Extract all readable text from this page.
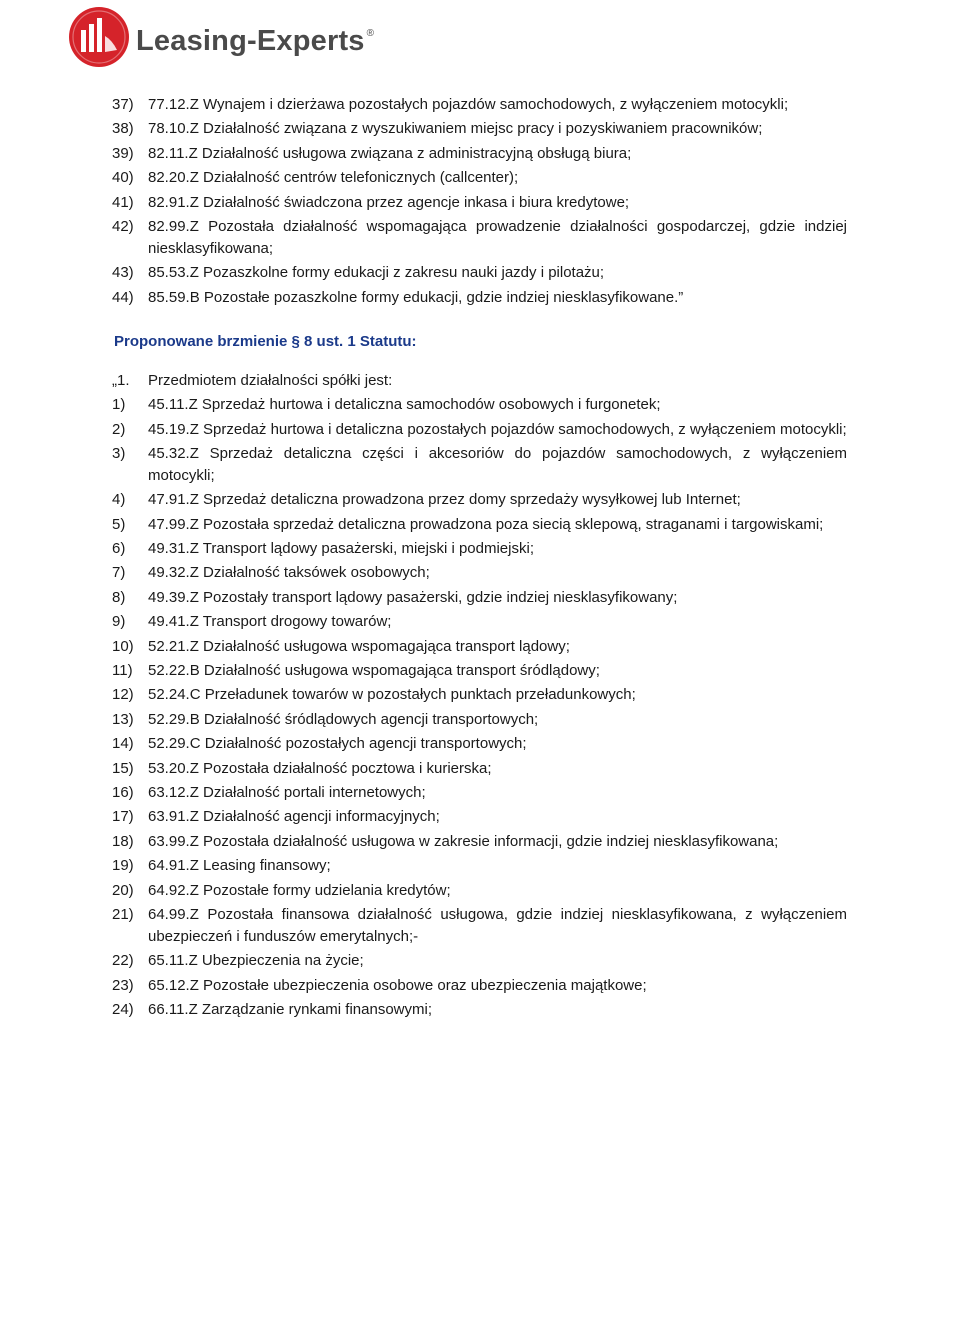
Leasing-Experts ®
37) 77.12.Z Wynajem i dzierżawa pozostałych pojazdów samochodowych, z wyłączeniem motocykli;
38) 78.10.Z Działalność związana z wyszukiwaniem miejsc pracy i pozyskiwaniem pracowników;
39) 82.11.Z Działalność usługowa związana z administracyjną obsługą biura;
40) 82.20.Z Działalność centrów telefonicznych (callcenter);
41) 82.91.Z Działalność świadczona przez agencje inkasa i biura kredytowe;
42) 82.99.Z Pozostała działalność wspomagająca prowadzenie działalności gospodarczej, gdzie indziej niesklasyfikowana;
43) 85.53.Z Pozaszkolne formy edukacji z zakresu nauki jazdy i pilotażu;
44) 85.59.B Pozostałe pozaszkolne formy edukacji, gdzie indziej niesklasyfikowane.”
Proponowane brzmienie § 8 ust. 1 Statutu:
„1.	Przedmiotem działalności spółki jest:
1)	45.11.Z Sprzedaż hurtowa i detaliczna samochodów osobowych i furgonetek;
2)	45.19.Z Sprzedaż hurtowa i detaliczna pozostałych pojazdów samochodowych, z wyłączeniem motocykli;
3)	45.32.Z Sprzedaż detaliczna części i akcesoriów do pojazdów samochodowych, z wyłączeniem motocykli;
4)	47.91.Z Sprzedaż detaliczna prowadzona przez domy sprzedaży wysyłkowej lub Internet;
5)	47.99.Z Pozostała sprzedaż detaliczna prowadzona poza siecią sklepową, straganami i targowiskami;
6)	49.31.Z Transport lądowy pasażerski, miejski i podmiejski;
7)	49.32.Z Działalność taksówek osobowych;
8)	49.39.Z Pozostały transport lądowy pasażerski, gdzie indziej niesklasyfikowany;
9)	49.41.Z Transport drogowy towarów;
10) 52.21.Z Działalność usługowa wspomagająca transport lądowy;
11)	52.22.B Działalność usługowa wspomagająca transport śródlądowy;
12) 52.24.C Przeładunek towarów w pozostałych punktach przeładunkowych;
13) 52.29.B Działalność śródlądowych agencji transportowych;
14) 52.29.C Działalność pozostałych agencji transportowych;
15) 53.20.Z Pozostała działalność pocztowa i kurierska;
16) 63.12.Z Działalność portali internetowych;
17) 63.91.Z Działalność agencji informacyjnych;
18) 63.99.Z Pozostała działalność usługowa w zakresie informacji, gdzie indziej niesklasyfikowana;
19) 64.91.Z Leasing finansowy;
20) 64.92.Z Pozostałe formy udzielania kredytów;
21) 64.99.Z Pozostała finansowa działalność usługowa, gdzie indziej niesklasyfikowana, z wyłączeniem ubezpieczeń i funduszów emerytalnych;-
22) 65.11.Z Ubezpieczenia na życie;
23) 65.12.Z Pozostałe ubezpieczenia osobowe oraz ubezpieczenia majątkowe;
24) 66.11.Z Zarządzanie rynkami finansowymi;
